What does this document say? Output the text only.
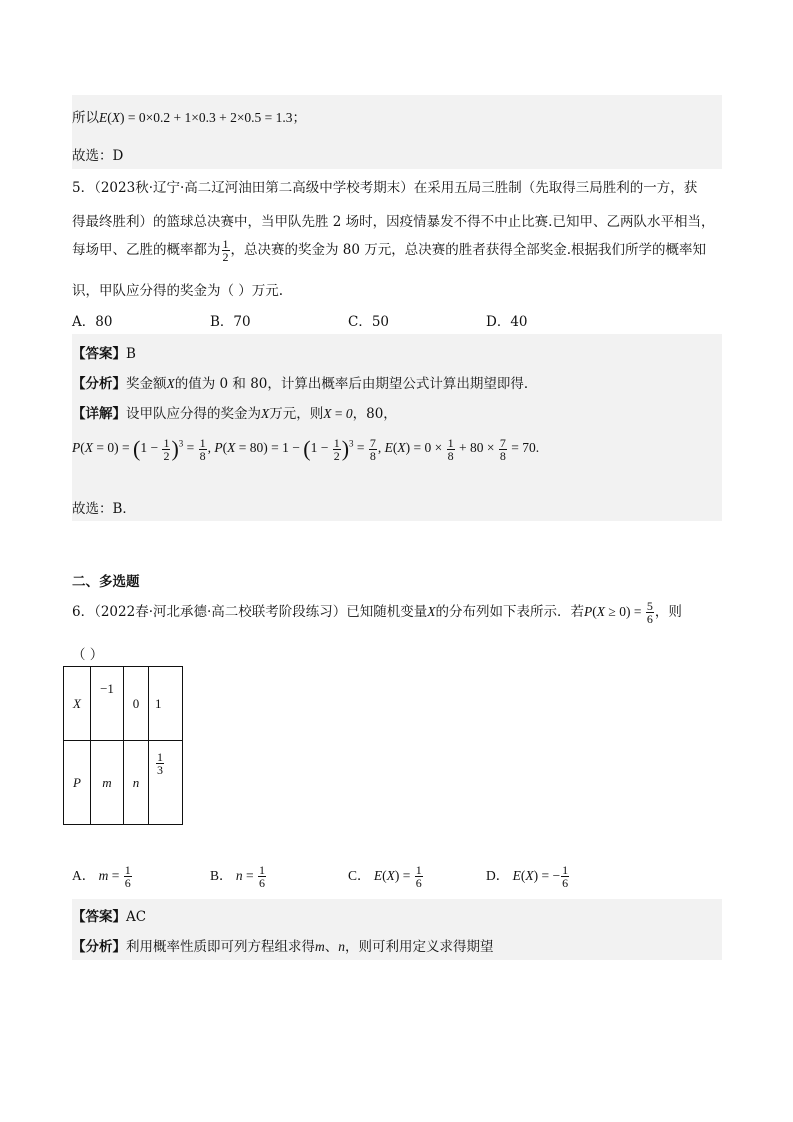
所以E(X) = 0×0.2 + 1×0.3 + 2×0.5 = 1.3；
故选：D
5．（2023秋·辽宁·高二辽河油田第二高级中学校考期末）在采用五局三胜制（先取得三局胜利的一方，获
得最终胜利）的篮球总决赛中，当甲队先胜 2 场时，因疫情暴发不得不中止比赛.已知甲、乙两队水平相当，
每场甲、乙胜的概率都为 $\frac{1}{2}$ ，总决赛的奖金为 80 万元，总决赛的胜者获得全部奖金.根据我们所学的概率知
识，甲队应分得的奖金为（ ）万元.
A．80	B．70	C．50	D．40
【答案】B
【分析】奖金额X的值为 0 和 80，计算出概率后由期望公式计算出期望即得．
【详解】设甲队应分得的奖金为X万元，则X = 0，80，
$P(X = 0) = (1 - \frac{1}{2} )^3 = \frac{1}{8}$ , $P(X = 80) = 1 - (1 - \frac{1}{2} )^3 = \frac{7}{8}$ , $E(X) = 0 \times \frac{1}{8} + 80 \times \frac{7}{8} = 70$.
故选：B．
二、多选题
6．（2022春·河北承德·高二校联考阶段练习）已知随机变量X的分布列如下表所示．若$P(X \ge 0) = \frac{5}{6}$ ，则
（ ）
X	−1	0	1
P	m	n	$\frac{1}{3}$
A． $m = \frac{1}{6}$	B． $n = \frac{1}{6}$	C． $E(X) = \frac{1}{6}$	D． E(X) = − $\frac{1}{6}$
【答案】AC
【分析】利用概率性质即可列方程组求得m、n，则可利用定义求得期望
